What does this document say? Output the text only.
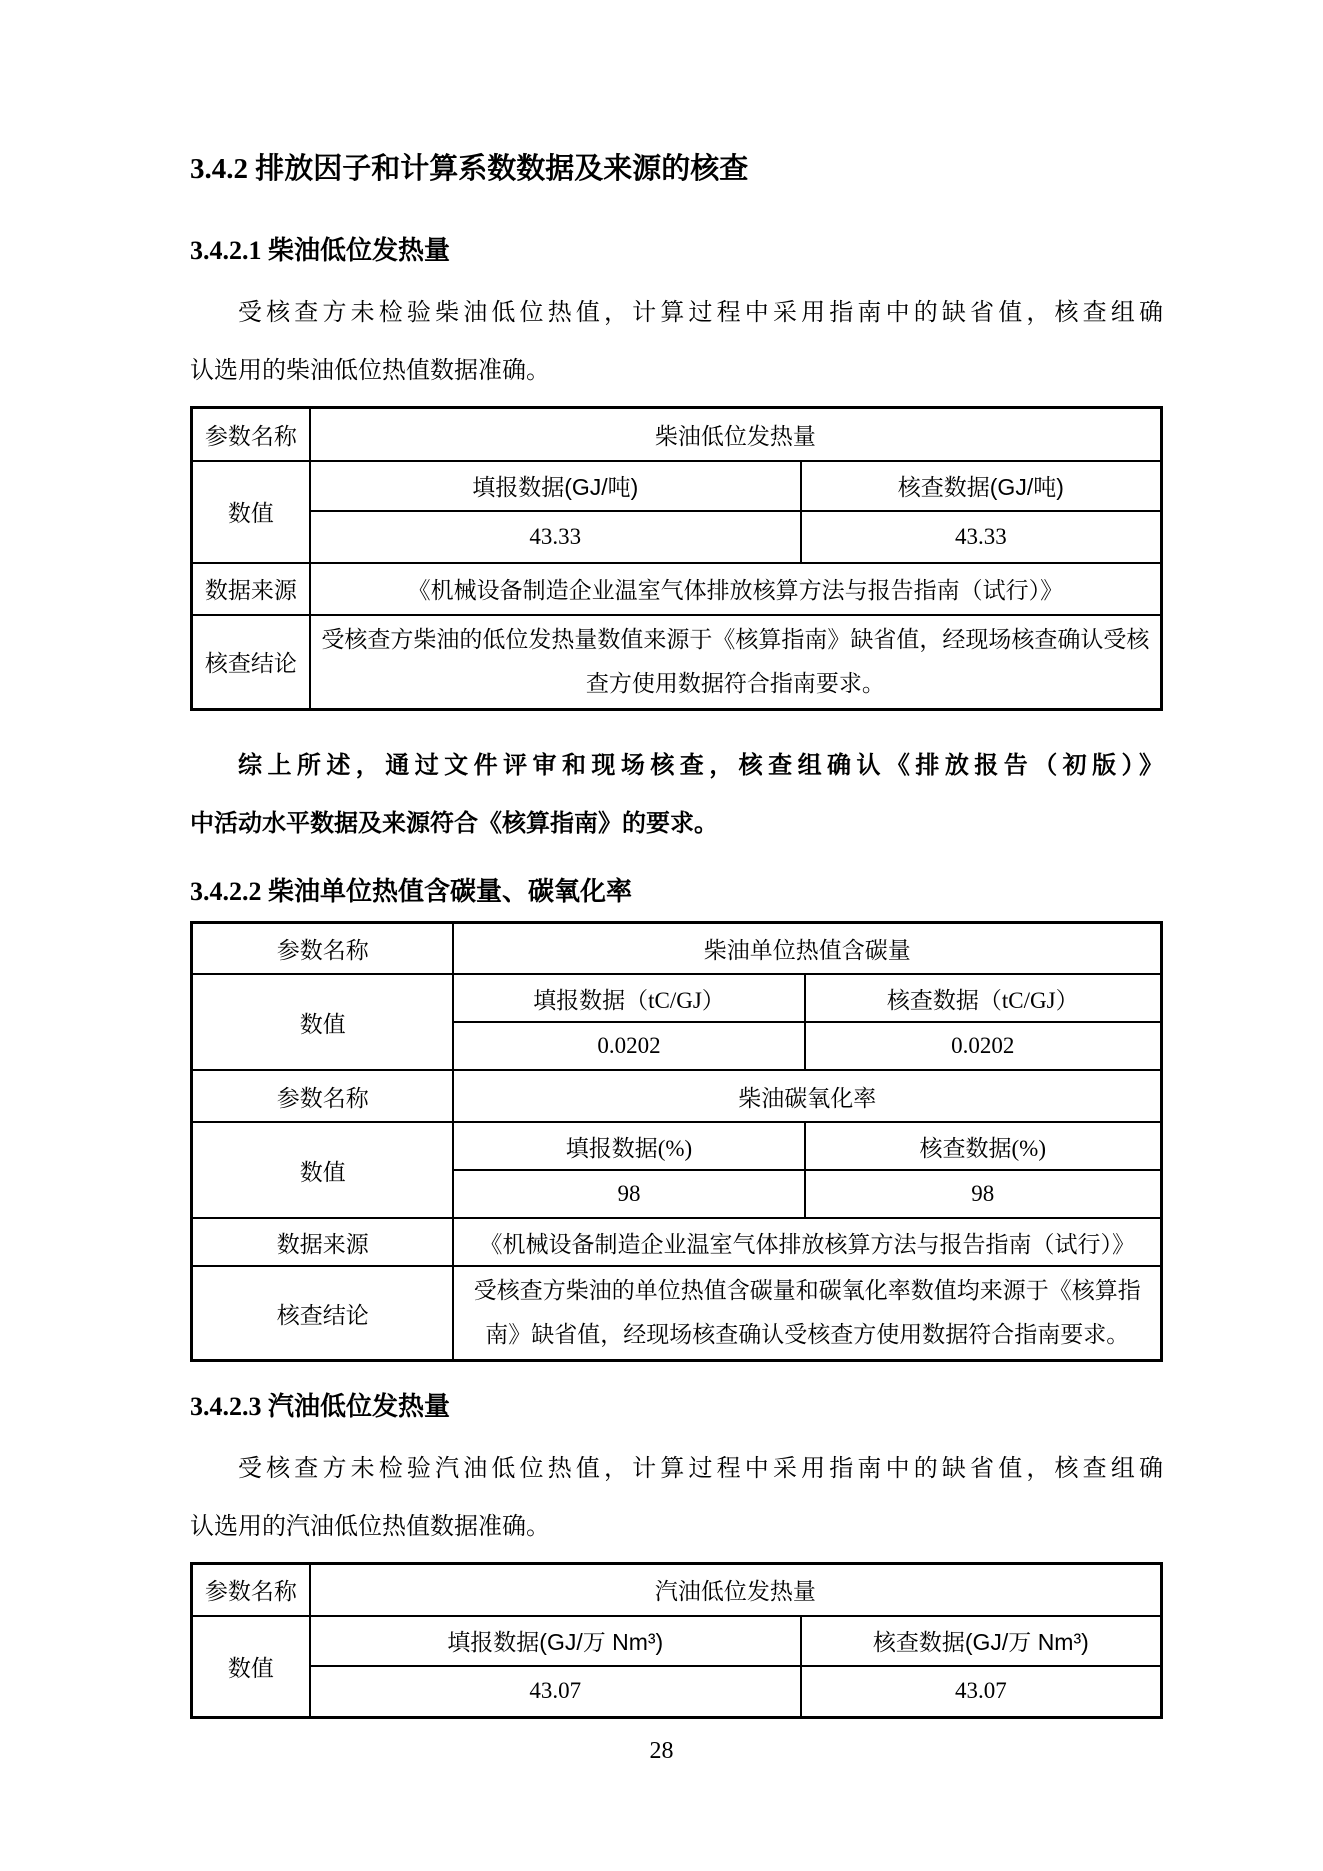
3.4.2 排放因子和计算系数数据及来源的核查
3.4.2.1 柴油低位发热量
受核查方未检验柴油低位热值，计算过程中采用指南中的缺省值，核查组确
认选用的柴油低位热值数据准确。
参数名称	柴油低位发热量	
数值	填报数据(GJ/吨)	核查数据(GJ/吨)
	43.33	43.33
数据来源	《机械设备制造企业温室气体排放核算方法与报告指南（试行）》	
核查结论	受核查方柴油的低位发热量数值来源于《核算指南》缺省值，经现场核查确认受核查方使用数据符合指南要求。	
综上所述，通过文件评审和现场核查，核查组确认《排放报告（初版）》
中活动水平数据及来源符合《核算指南》的要求。
3.4.2.2 柴油单位热值含碳量、碳氧化率
参数名称	柴油单位热值含碳量	
数值	填报数据（tC/GJ）	核查数据（tC/GJ）
	0.0202	0.0202
参数名称	柴油碳氧化率	
数值	填报数据(%)	核查数据(%)
	98	98
数据来源	《机械设备制造企业温室气体排放核算方法与报告指南（试行）》	
核查结论	受核查方柴油的单位热值含碳量和碳氧化率数值均来源于《核算指南》缺省值，经现场核查确认受核查方使用数据符合指南要求。	
3.4.2.3 汽油低位发热量
受核查方未检验汽油低位热值，计算过程中采用指南中的缺省值，核查组确
认选用的汽油低位热值数据准确。
参数名称	汽油低位发热量	
数值	填报数据(GJ/万 Nm³)	核查数据(GJ/万 Nm³)
	43.07	43.07
28
